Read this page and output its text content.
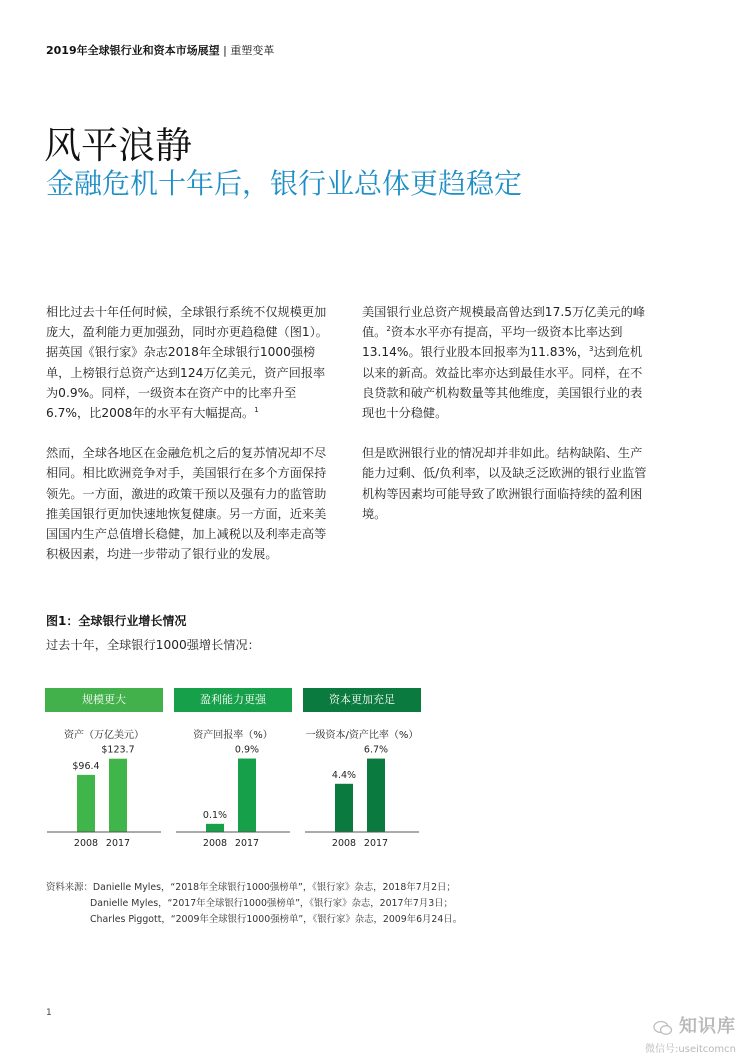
2019年全球银行业和资本市场展望 | 重塑变革
风平浪静
金融危机十年后，银行业总体更趋稳定

相比过去十年任何时候，全球银行系统不仅规模更加庞大，盈利能力更加强劲，同时亦更趋稳健（图1）。据英国《银行家》杂志2018年全球银行1000强榜单，上榜银行总资产达到124万亿美元，资产回报率为0.9%。同样，一级资本在资产中的比率升至6.7%，比2008年的水平有大幅提高。$^1$

然而，全球各地区在金融危机之后的复苏情况却不尽相同。相比欧洲竞争对手，美国银行在多个方面保持领先。一方面，激进的政策干预以及强有力的监管助推美国银行更加快速地恢复健康。另一方面，近来美国国内生产总值增长稳健，加上减税以及利率走高等积极因素，均进一步带动了银行业的发展。

美国银行业总资产规模最高曾达到17.5万亿美元的峰值。$^2$资本水平亦有提高，平均一级资本比率达到13.14%。银行业股本回报率为11.83%，$^3$达到危机以来的新高。效益比率亦达到最佳水平。同样，在不良贷款和破产机构数量等其他维度，美国银行业的表现也十分稳健。

但是欧洲银行业的情况却并非如此。结构缺陷、生产能力过剩、低/负利率，以及缺乏泛欧洲的银行业监管机构等因素均可能导致了欧洲银行面临持续的盈利困境。

图1：全球银行业增长情况
过去十年，全球银行1000强增长情况：
规模更大
资产（万亿美元）
$96.4
2008
$123.7
2017
盈利能力更强
资产回报率（%）
0.1%
2008
0.9%
2017
资本更加充足
一级资本/资产比率（%）
4.4%
2008
6.7%
2017
资料来源：Danielle Myles，“2018年全球银行1000强榜单”，《银行家》杂志，2018年7月2日；
Danielle Myles，“2017年全球银行1000强榜单”，《银行家》杂志，2017年7月3日；
Charles Piggott，“2009年全球银行1000强榜单”，《银行家》杂志，2009年6月24日。
1
知识库
微信号:useitcomcn
